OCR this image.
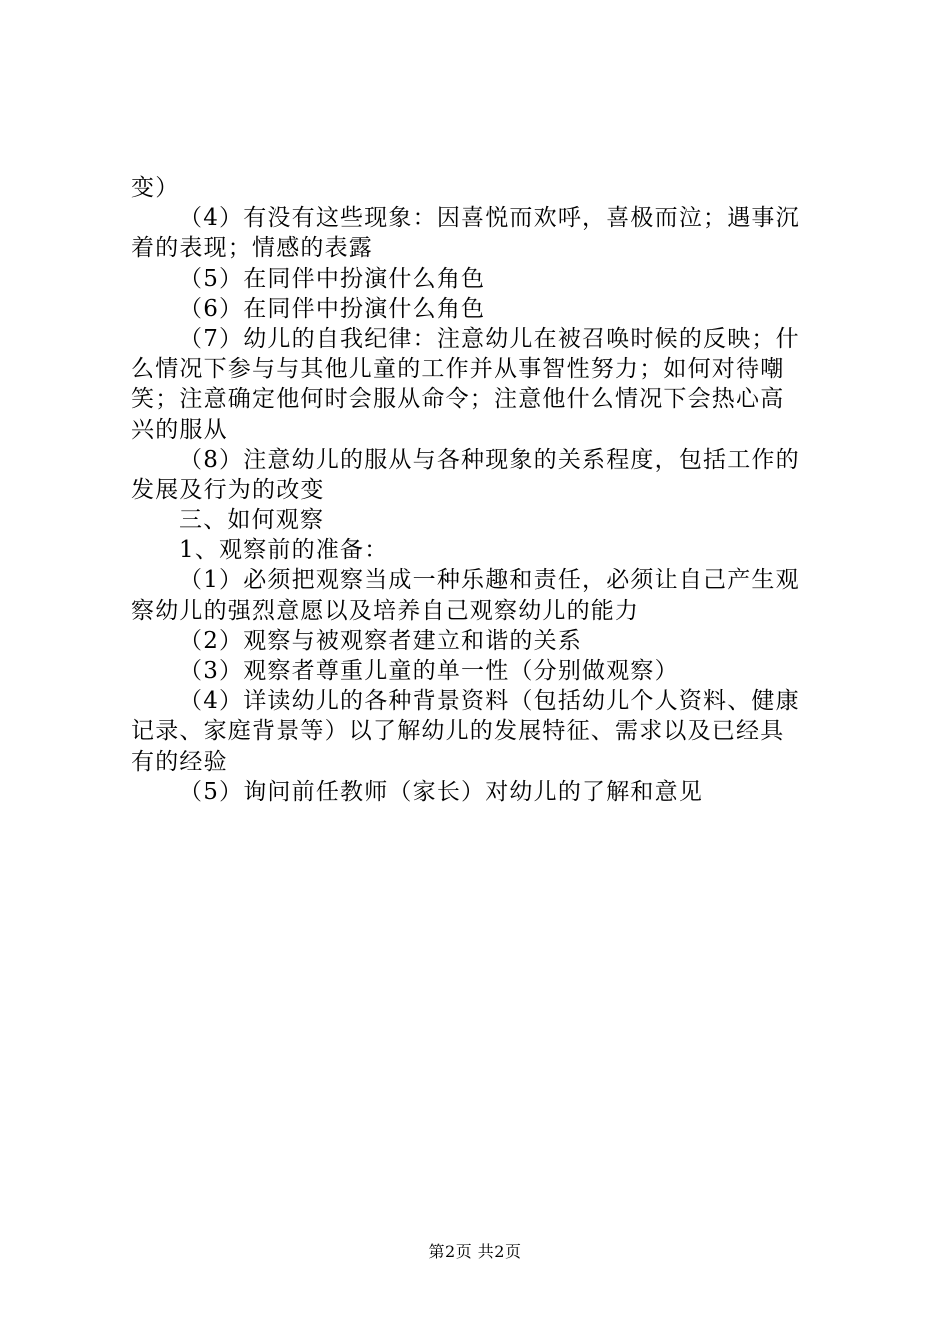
变）
（4）有没有这些现象：因喜悦而欢呼，喜极而泣；遇事沉
着的表现；情感的表露
（5）在同伴中扮演什么角色
（6）在同伴中扮演什么角色
（7）幼儿的自我纪律：注意幼儿在被召唤时候的反映；什
么情况下参与与其他儿童的工作并从事智性努力；如何对待嘲
笑；注意确定他何时会服从命令；注意他什么情况下会热心高
兴的服从
（8）注意幼儿的服从与各种现象的关系程度，包括工作的
发展及行为的改变
三、如何观察
1、观察前的准备：
（1）必须把观察当成一种乐趣和责任，必须让自己产生观
察幼儿的强烈意愿以及培养自己观察幼儿的能力
（2）观察与被观察者建立和谐的关系
（3）观察者尊重儿童的单一性（分别做观察）
（4）详读幼儿的各种背景资料（包括幼儿个人资料、健康
记录、家庭背景等）以了解幼儿的发展特征、需求以及已经具
有的经验
（5）询问前任教师（家长）对幼儿的了解和意见
第2页 共2页
